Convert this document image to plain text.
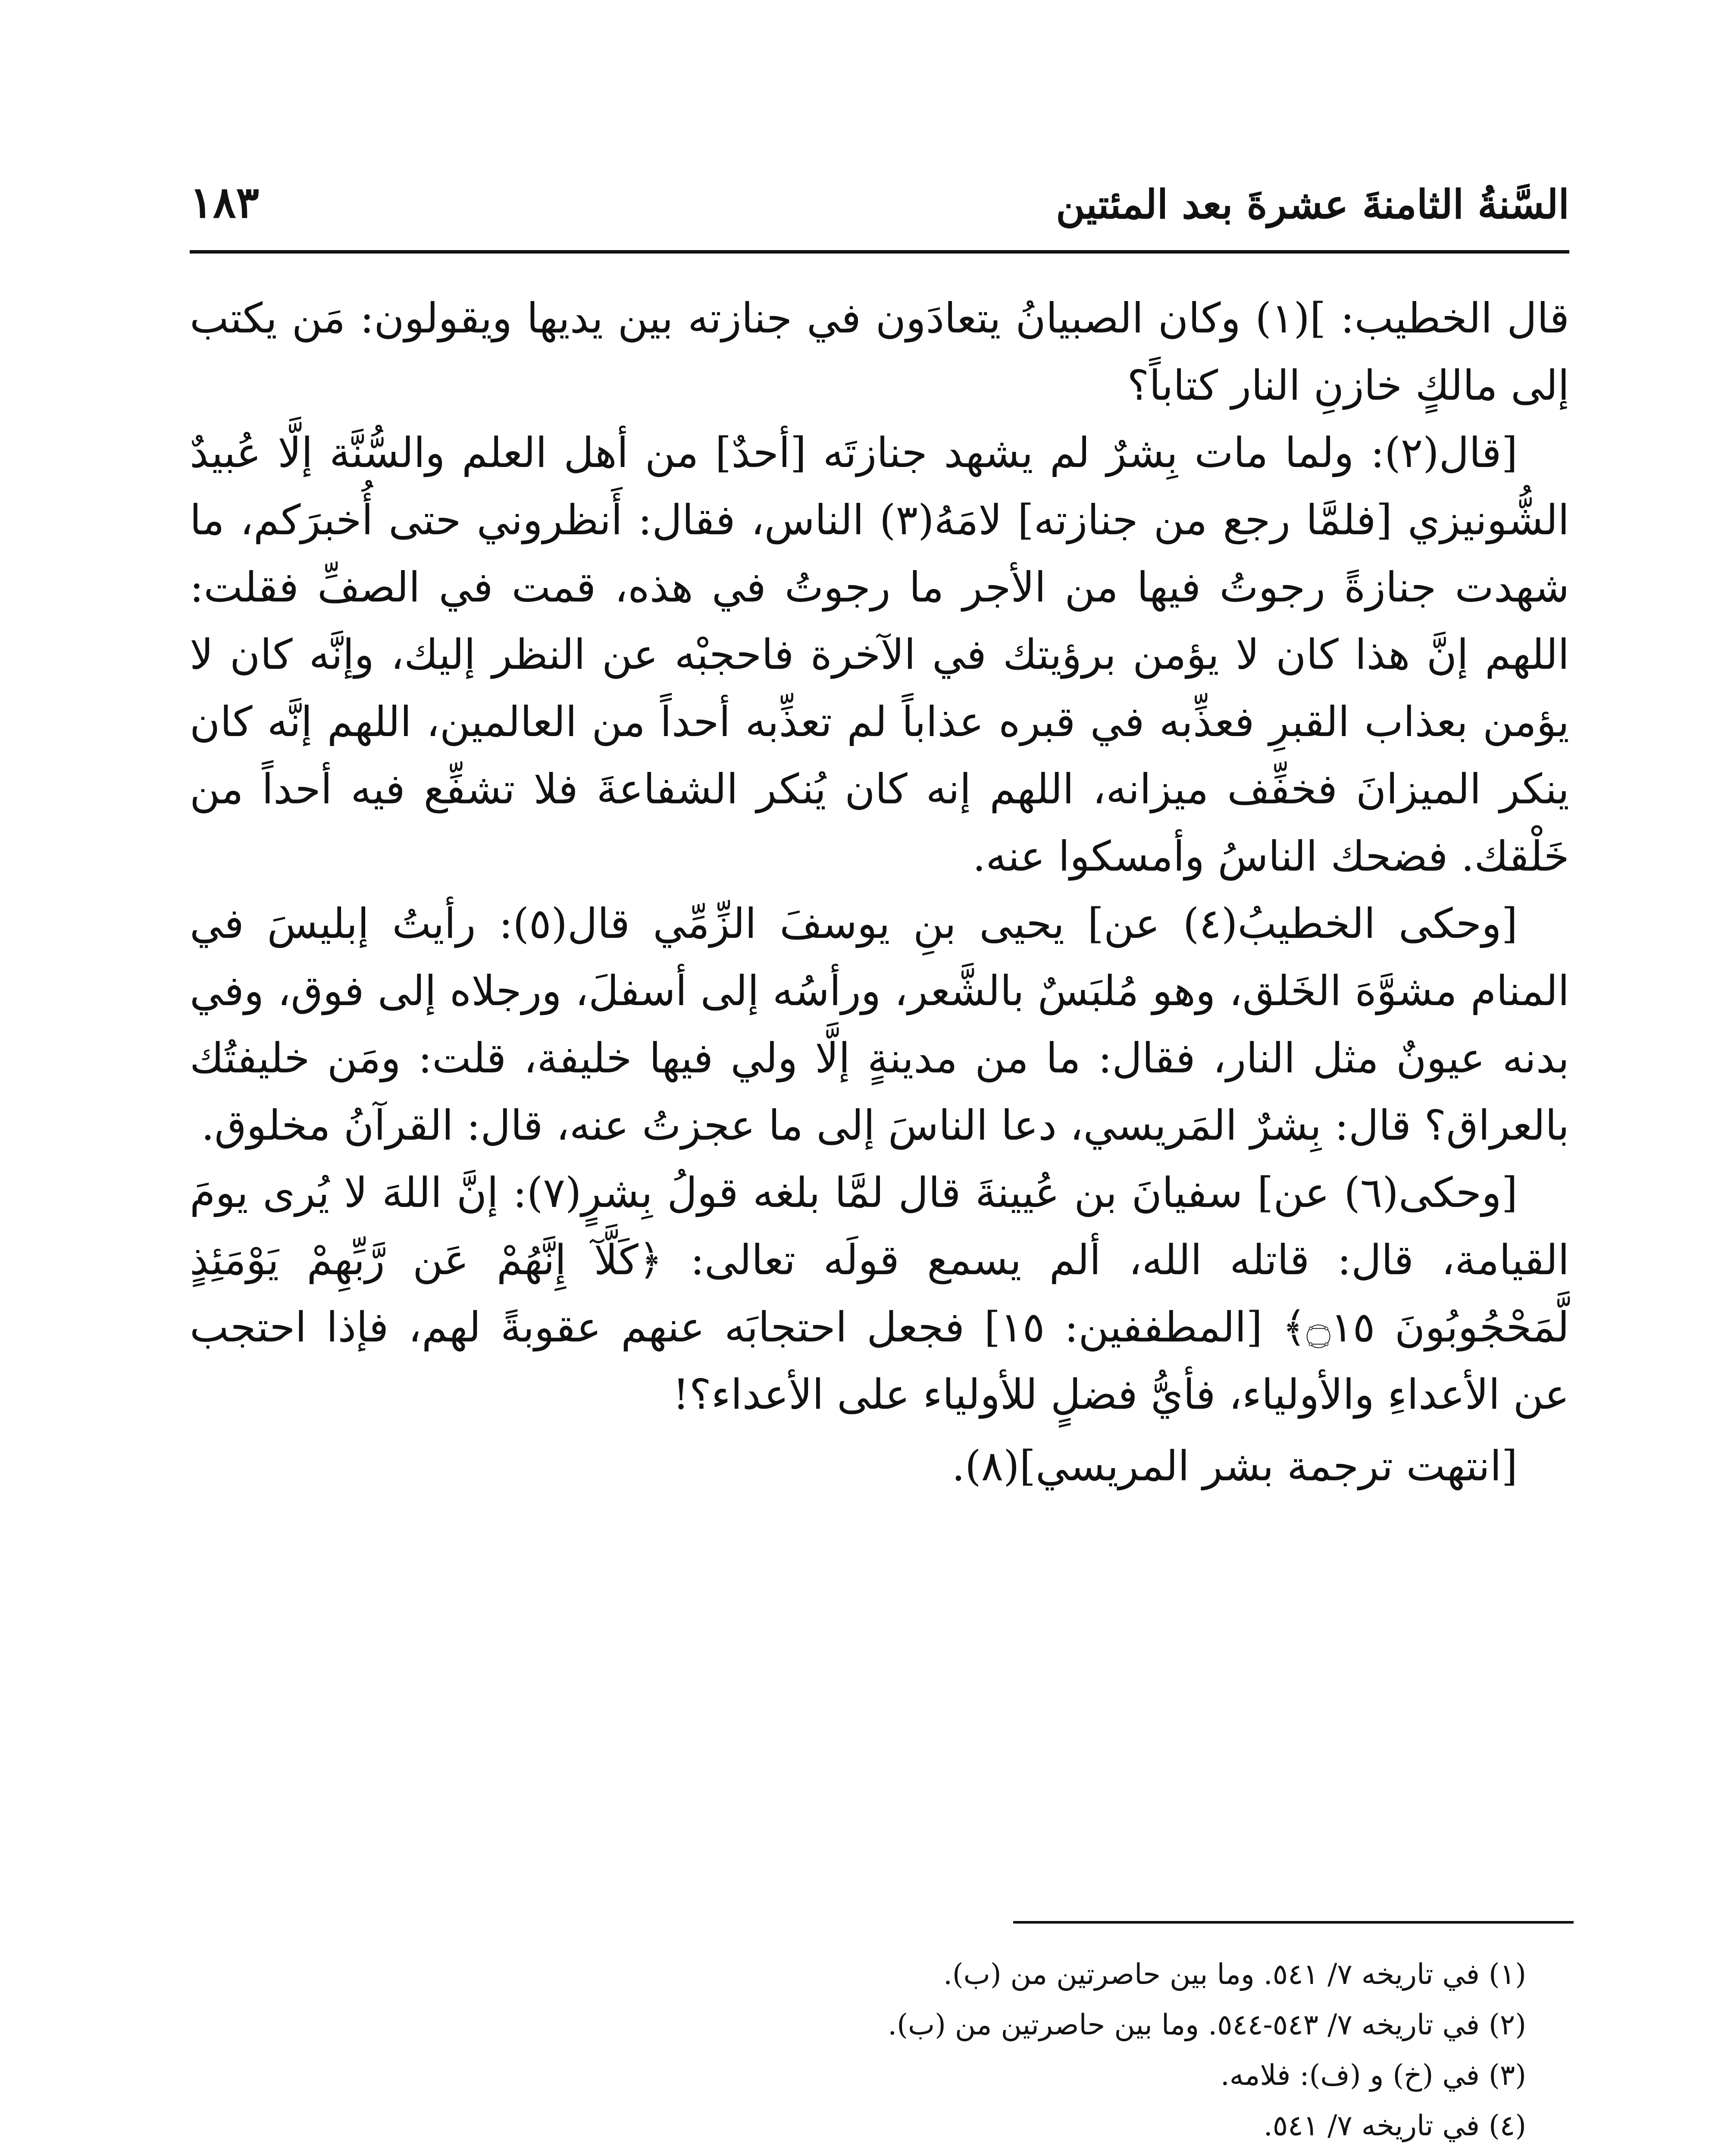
السَّنةُ الثامنةَ عشرةَ بعد المئتين
١٨٣

قال الخطيب: ](١) وكان الصبيانُ يتعادَون في جنازته بين يديها ويقولون: مَن يكتب إلى مالكٍ خازنِ النار كتاباً؟

[قال(٢): ولما مات بِشرٌ لم يشهد جنازتَه [أحدٌ] من أهل العلم والسُّنَّة إلَّا عُبيدٌ الشُّونيزي [فلمَّا رجع من جنازته] لامَهُ(٣) الناس، فقال: أَنظروني حتى أُخبرَكم، ما شهدت جنازةً رجوتُ فيها من الأجر ما رجوتُ في هذه، قمت في الصفِّ فقلت: اللهم إنَّ هذا كان لا يؤمن برؤيتك في الآخرة فاحجبْه عن النظر إليك، وإنَّه كان لا يؤمن بعذاب القبرِ فعذِّبه في قبره عذاباً لم تعذِّبه أحداً من العالمين، اللهم إنَّه كان ينكر الميزانَ فخفِّف ميزانه، اللهم إنه كان يُنكر الشفاعةَ فلا تشفِّع فيه أحداً من خَلْقك. فضحك الناسُ وأمسكوا عنه.

[وحكى الخطيبُ(٤) عن] يحيى بنِ يوسفَ الزِّمِّي قال(٥): رأيتُ إبليسَ في المنام مشوَّهَ الخَلق، وهو مُلبَسٌ بالشَّعر، ورأسُه إلى أسفلَ، ورجلاه إلى فوق، وفي بدنه عيونٌ مثل النار، فقال: ما من مدينةٍ إلَّا ولي فيها خليفة، قلت: ومَن خليفتُك بالعراق؟ قال: بِشرٌ المَريسي، دعا الناسَ إلى ما عجزتُ عنه، قال: القرآنُ مخلوق.

[وحكى(٦) عن] سفيانَ بن عُيينةَ قال لمَّا بلغه قولُ بِشرٍ(٧): إنَّ اللهَ لا يُرى يومَ القيامة، قال: قاتله الله، ألم يسمع قولَه تعالى: ﴿كَلَّآ إِنَّهُمْ عَن رَّبِّهِمْ يَوْمَئِذٍ لَّمَحْجُوبُونَ ۝١٥﴾ [المطففين: ١٥] فجعل احتجابَه عنهم عقوبةً لهم، فإذا احتجب عن الأعداءِ والأولياء، فأيُّ فضلٍ للأولياء على الأعداء؟!

[انتهت ترجمة بشر المريسي](٨).

(١) في تاريخه ٧/ ٥٤١. وما بين حاصرتين من (ب).
(٢) في تاريخه ٧/ ٥٤٣-٥٤٤. وما بين حاصرتين من (ب).
(٣) في (خ) و (ف): فلامه.
(٤) في تاريخه ٧/ ٥٤١.
